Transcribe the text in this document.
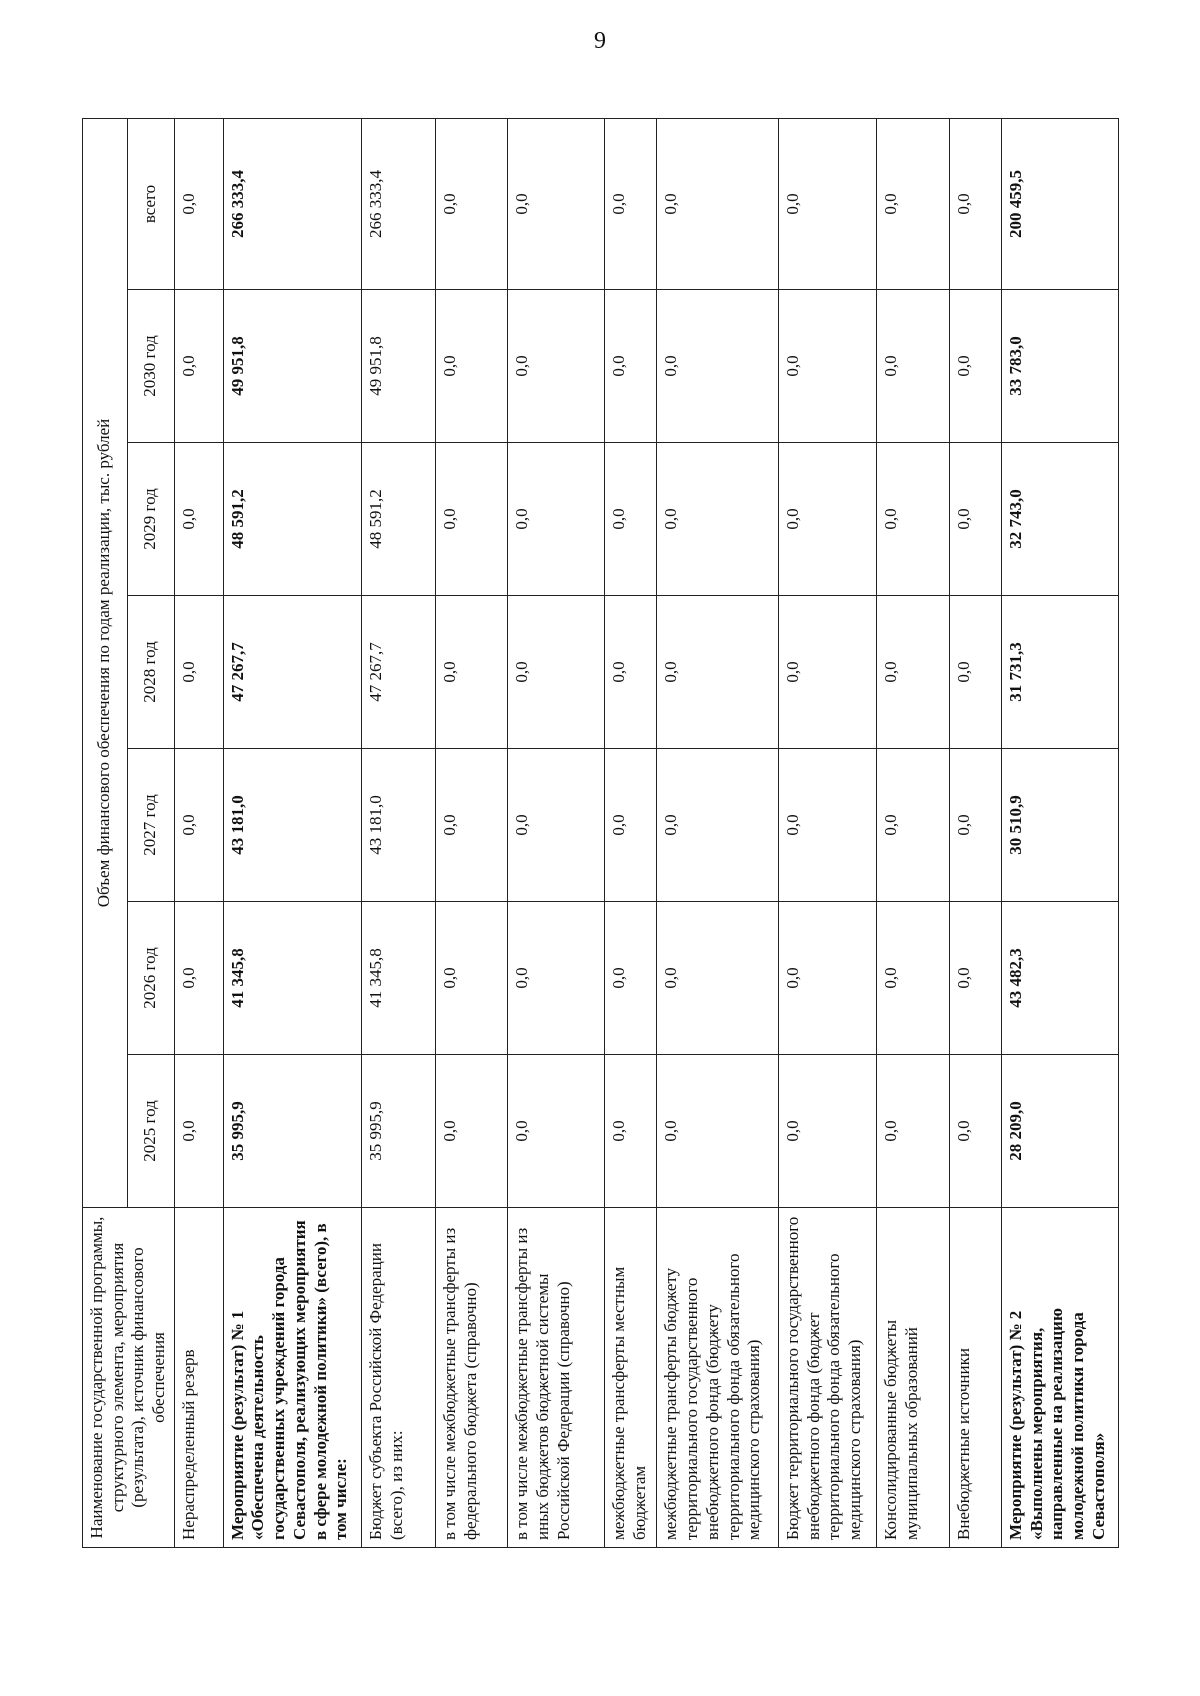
9
Наименование государственной программы, структурного элемента, мероприятия (результата), источник финансового обеспечения	Объем финансового обеспечения по годам реализации, тыс. рублей						
	2025 год	2026 год	2027 год	2028 год	2029 год	2030 год	всего
Нераспределенный резерв	0,0	0,0	0,0	0,0	0,0	0,0	0,0
Мероприятие (результат) № 1 «Обеспечена деятельность государственных учреждений города Севастополя, реализующих мероприятия в сфере молодежной политики» (всего), в том числе:	35 995,9	41 345,8	43 181,0	47 267,7	48 591,2	49 951,8	266 333,4
Бюджет субъекта Российской Федерации (всего), из них:	35 995,9	41 345,8	43 181,0	47 267,7	48 591,2	49 951,8	266 333,4
в том числе межбюджетные трансферты из федерального бюджета (справочно)	0,0	0,0	0,0	0,0	0,0	0,0	0,0
в том числе межбюджетные трансферты из иных бюджетов бюджетной системы Российской Федерации (справочно)	0,0	0,0	0,0	0,0	0,0	0,0	0,0
межбюджетные трансферты местным бюджетам	0,0	0,0	0,0	0,0	0,0	0,0	0,0
межбюджетные трансферты бюджету территориального государственного внебюджетного фонда (бюджету территориального фонда обязательного медицинского страхования)	0,0	0,0	0,0	0,0	0,0	0,0	0,0
Бюджет территориального государственного внебюджетного фонда (бюджет территориального фонда обязательного медицинского страхования)	0,0	0,0	0,0	0,0	0,0	0,0	0,0
Консолидированные бюджеты муниципальных образований	0,0	0,0	0,0	0,0	0,0	0,0	0,0
Внебюджетные источники	0,0	0,0	0,0	0,0	0,0	0,0	0,0
Мероприятие (результат) № 2 «Выполнены мероприятия, направленные на реализацию молодежной политики города Севастополя»	28 209,0	43 482,3	30 510,9	31 731,3	32 743,0	33 783,0	200 459,5
